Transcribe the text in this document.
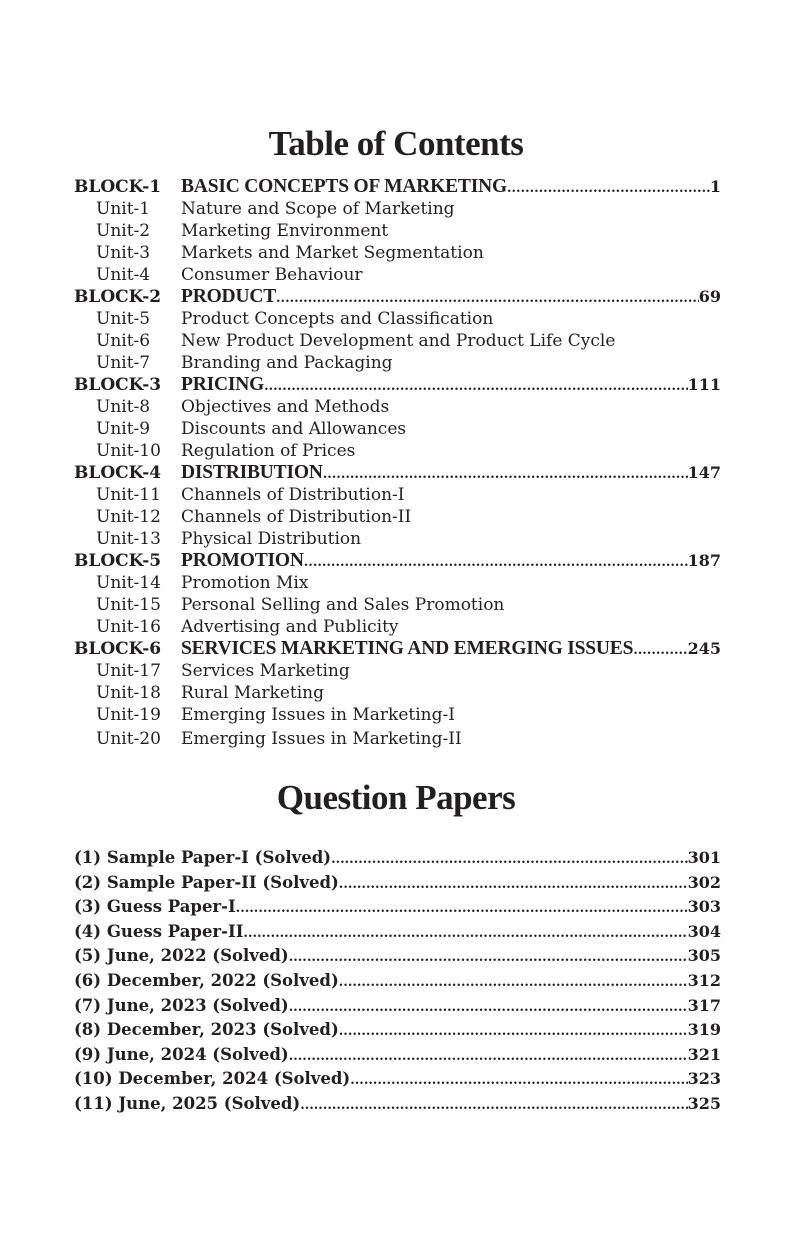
Table of Contents
BLOCK-1	BASIC CONCEPTS OF MARKETING .....	1
Unit-1	Nature and Scope of Marketing
Unit-2	Marketing Environment
Unit-3	Markets and Market Segmentation
Unit-4	Consumer Behaviour
BLOCK-2	PRODUCT .....	69
Unit-5	Product Concepts and Classification
Unit-6	New Product Development and Product Life Cycle
Unit-7	Branding and Packaging
BLOCK-3	PRICING .....	111
Unit-8	Objectives and Methods
Unit-9	Discounts and Allowances
Unit-10	Regulation of Prices
BLOCK-4	DISTRIBUTION .....	147
Unit-11	Channels of Distribution-I
Unit-12	Channels of Distribution-II
Unit-13	Physical Distribution
BLOCK-5	PROMOTION .....	187
Unit-14	Promotion Mix
Unit-15	Personal Selling and Sales Promotion
Unit-16	Advertising and Publicity
BLOCK-6	SERVICES MARKETING AND EMERGING ISSUES .....	245
Unit-17	Services Marketing
Unit-18	Rural Marketing
Unit-19	Emerging Issues in Marketing-I
Unit-20	Emerging Issues in Marketing-II
Question Papers
(1) Sample Paper-I (Solved) .....	301
(2) Sample Paper-II (Solved) .....	302
(3) Guess Paper-I .....	303
(4) Guess Paper-II .....	304
(5) June, 2022 (Solved) .....	305
(6) December, 2022 (Solved) .....	312
(7) June, 2023 (Solved) .....	317
(8) December, 2023 (Solved) .....	319
(9) June, 2024 (Solved) .....	321
(10) December, 2024 (Solved) .....	323
(11) June, 2025 (Solved) .....	325
